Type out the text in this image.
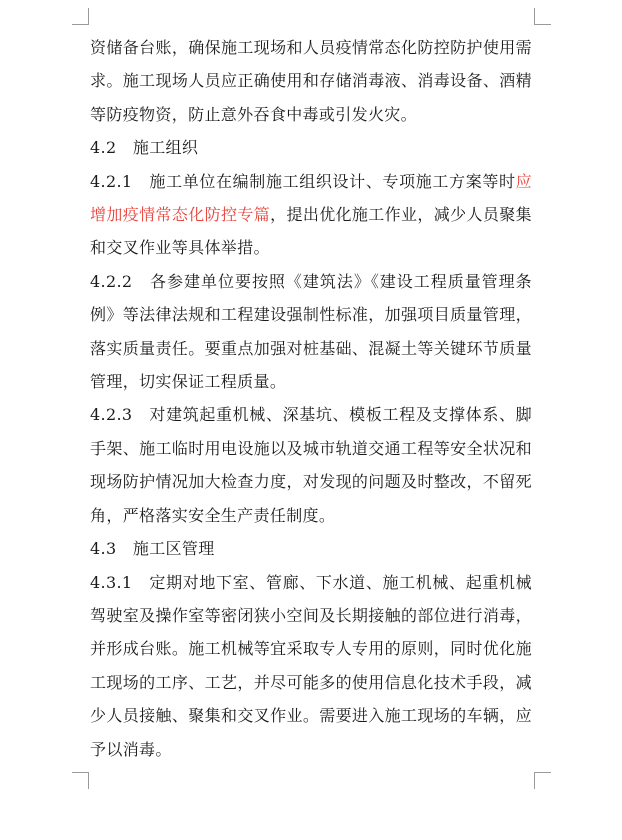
资储备台账，确保施工现场和人员疫情常态化防控防护使用需求。施工现场人员应正确使用和存储消毒液、消毒设备、酒精等防疫物资，防止意外吞食中毒或引发火灾。

4.2　施工组织

4.2.1　 施工单位在编制施工组织设计、专项施工方案等时应增加疫情常态化防控专篇，提出优化施工作业，减少人员聚集和交叉作业等具体举措。

4.2.2　 各参建单位要按照《建筑法》《建设工程质量管理条例》等法律法规和工程建设强制性标准，加强项目质量管理，落实质量责任。要重点加强对桩基础、混凝土等关键环节质量管理，切实保证工程质量。

4.2.3　 对建筑起重机械、深基坑、模板工程及支撑体系、脚手架、施工临时用电设施以及城市轨道交通工程等安全状况和现场防护情况加大检查力度，对发现的问题及时整改，不留死角，严格落实安全生产责任制度。

4.3　施工区管理

4.3.1　 定期对地下室、管廊、下水道、施工机械、起重机械驾驶室及操作室等密闭狭小空间及长期接触的部位进行消毒，并形成台账。施工机械等宜采取专人专用的原则，同时优化施工现场的工序、工艺，并尽可能多的使用信息化技术手段，减少人员接触、聚集和交叉作业。需要进入施工现场的车辆，应予以消毒。
